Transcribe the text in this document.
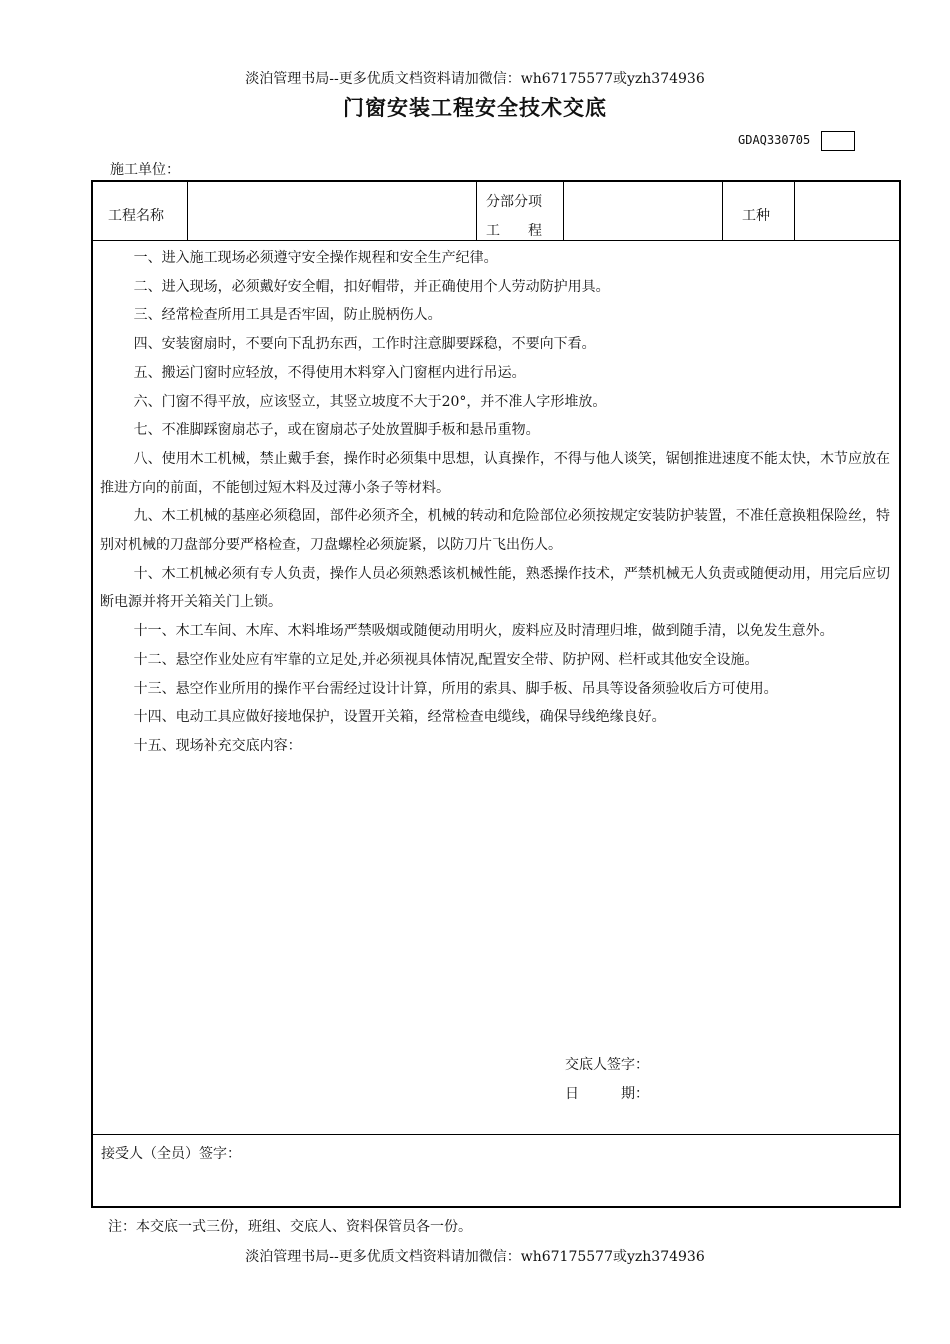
淡泊管理书局--更多优质文档资料请加微信：wh67175577或yzh374936
门窗安装工程安全技术交底
GDAQ330705
施工单位：
工程名称
分部分项
工　　程
工种

一、进入施工现场必须遵守安全操作规程和安全生产纪律。

二、进入现场，必须戴好安全帽，扣好帽带，并正确使用个人劳动防护用具。

三、经常检查所用工具是否牢固，防止脱柄伤人。

四、安装窗扇时，不要向下乱扔东西，工作时注意脚要踩稳，不要向下看。

五、搬运门窗时应轻放，不得使用木料穿入门窗框内进行吊运。

六、门窗不得平放，应该竖立，其竖立坡度不大于20°，并不准人字形堆放。

七、不准脚踩窗扇芯子，或在窗扇芯子处放置脚手板和悬吊重物。

八、使用木工机械，禁止戴手套，操作时必须集中思想，认真操作，不得与他人谈笑，锯刨推进速度不能太快，木节应放在推进方向的前面，不能刨过短木料及过薄小条子等材料。

九、木工机械的基座必须稳固，部件必须齐全，机械的转动和危险部位必须按规定安装防护装置，不准任意换粗保险丝，特别对机械的刀盘部分要严格检查，刀盘螺栓必须旋紧，以防刀片飞出伤人。

十、木工机械必须有专人负责，操作人员必须熟悉该机械性能，熟悉操作技术，严禁机械无人负责或随便动用，用完后应切断电源并将开关箱关门上锁。

十一、木工车间、木库、木料堆场严禁吸烟或随便动用明火，废料应及时清理归堆，做到随手清，以免发生意外。

十二、悬空作业处应有牢靠的立足处,并必须视具体情况,配置安全带、防护网、栏杆或其他安全设施。

十三、悬空作业所用的操作平台需经过设计计算，所用的索具、脚手板、吊具等设备须验收后方可使用。

十四、电动工具应做好接地保护，设置开关箱，经常检查电缆线，确保导线绝缘良好。

十五、现场补充交底内容：

交底人签字：
日　　　期：
接受人（全员）签字：
注：本交底一式三份，班组、交底人、资料保管员各一份。
淡泊管理书局--更多优质文档资料请加微信：wh67175577或yzh374936
